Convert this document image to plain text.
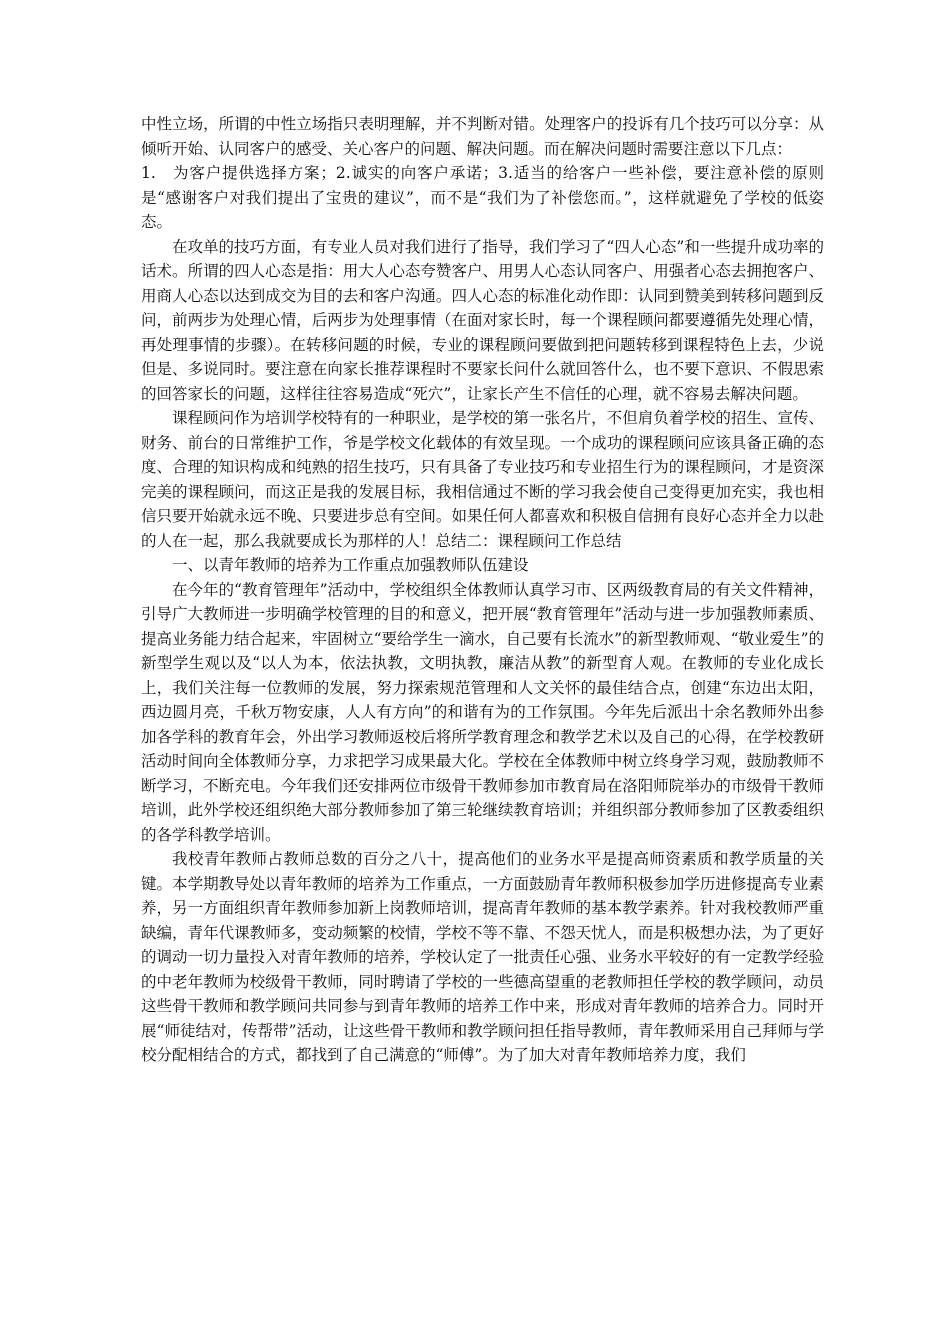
中性立场，所谓的中性立场指只表明理解，并不判断对错。处理客户的投诉有几个技巧可以分享：从倾听开始、认同客户的感受、关心客户的问题、解决问题。而在解决问题时需要注意以下几点：

1.　为客户提供选择方案；2.诚实的向客户承诺；3.适当的给客户一些补偿，要注意补偿的原则是“感谢客户对我们提出了宝贵的建议”，而不是“我们为了补偿您而。”，这样就避免了学校的低姿态。

在攻单的技巧方面，有专业人员对我们进行了指导，我们学习了“四人心态”和一些提升成功率的话术。所谓的四人心态是指：用大人心态夸赞客户、用男人心态认同客户、用强者心态去拥抱客户、用商人心态以达到成交为目的去和客户沟通。四人心态的标准化动作即：认同到赞美到转移问题到反问，前两步为处理心情，后两步为处理事情（在面对家长时，每一个课程顾问都要遵循先处理心情，再处理事情的步骤）。在转移问题的时候，专业的课程顾问要做到把问题转移到课程特色上去，少说但是、多说同时。要注意在向家长推荐课程时不要家长问什么就回答什么，也不要下意识、不假思索的回答家长的问题，这样往往容易造成“死穴”，让家长产生不信任的心理，就不容易去解决问题。

课程顾问作为培训学校特有的一种职业，是学校的第一张名片，不但肩负着学校的招生、宣传、财务、前台的日常维护工作，爷是学校文化载体的有效呈现。一个成功的课程顾问应该具备正确的态度、合理的知识构成和纯熟的招生技巧，只有具备了专业技巧和专业招生行为的课程顾问，才是资深完美的课程顾问，而这正是我的发展目标，我相信通过不断的学习我会使自己变得更加充实，我也相信只要开始就永远不晚、只要进步总有空间。如果任何人都喜欢和积极自信拥有良好心态并全力以赴的人在一起，那么我就要成长为那样的人！总结二：课程顾问工作总结

一、以青年教师的培养为工作重点加强教师队伍建设

在今年的“教育管理年”活动中，学校组织全体教师认真学习市、区两级教育局的有关文件精神，引导广大教师进一步明确学校管理的目的和意义，把开展“教育管理年”活动与进一步加强教师素质、提高业务能力结合起来，牢固树立“要给学生一滴水，自己要有长流水”的新型教师观、“敬业爱生”的新型学生观以及“以人为本，依法执教，文明执教，廉洁从教”的新型育人观。在教师的专业化成长上，我们关注每一位教师的发展，努力探索规范管理和人文关怀的最佳结合点，创建“东边出太阳，西边圆月亮，千秋万物安康，人人有方向”的和谐有为的工作氛围。今年先后派出十余名教师外出参加各学科的教育年会，外出学习教师返校后将所学教育理念和教学艺术以及自己的心得，在学校教研活动时间向全体教师分享，力求把学习成果最大化。学校在全体教师中树立终身学习观，鼓励教师不断学习，不断充电。今年我们还安排两位市级骨干教师参加市教育局在洛阳师院举办的市级骨干教师培训，此外学校还组织绝大部分教师参加了第三轮继续教育培训；并组织部分教师参加了区教委组织的各学科教学培训。

我校青年教师占教师总数的百分之八十，提高他们的业务水平是提高师资素质和教学质量的关键。本学期教导处以青年教师的培养为工作重点，一方面鼓励青年教师积极参加学历进修提高专业素养，另一方面组织青年教师参加新上岗教师培训，提高青年教师的基本教学素养。针对我校教师严重缺编，青年代课教师多，变动频繁的校情，学校不等不靠、不怨天忧人，而是积极想办法，为了更好的调动一切力量投入对青年教师的培养，学校认定了一批责任心强、业务水平较好的有一定教学经验的中老年教师为校级骨干教师，同时聘请了学校的一些德高望重的老教师担任学校的教学顾问，动员这些骨干教师和教学顾问共同参与到青年教师的培养工作中来，形成对青年教师的培养合力。同时开展“师徒结对，传帮带”活动，让这些骨干教师和教学顾问担任指导教师，青年教师采用自己拜师与学校分配相结合的方式，都找到了自己满意的“师傅”。为了加大对青年教师培养力度，我们
